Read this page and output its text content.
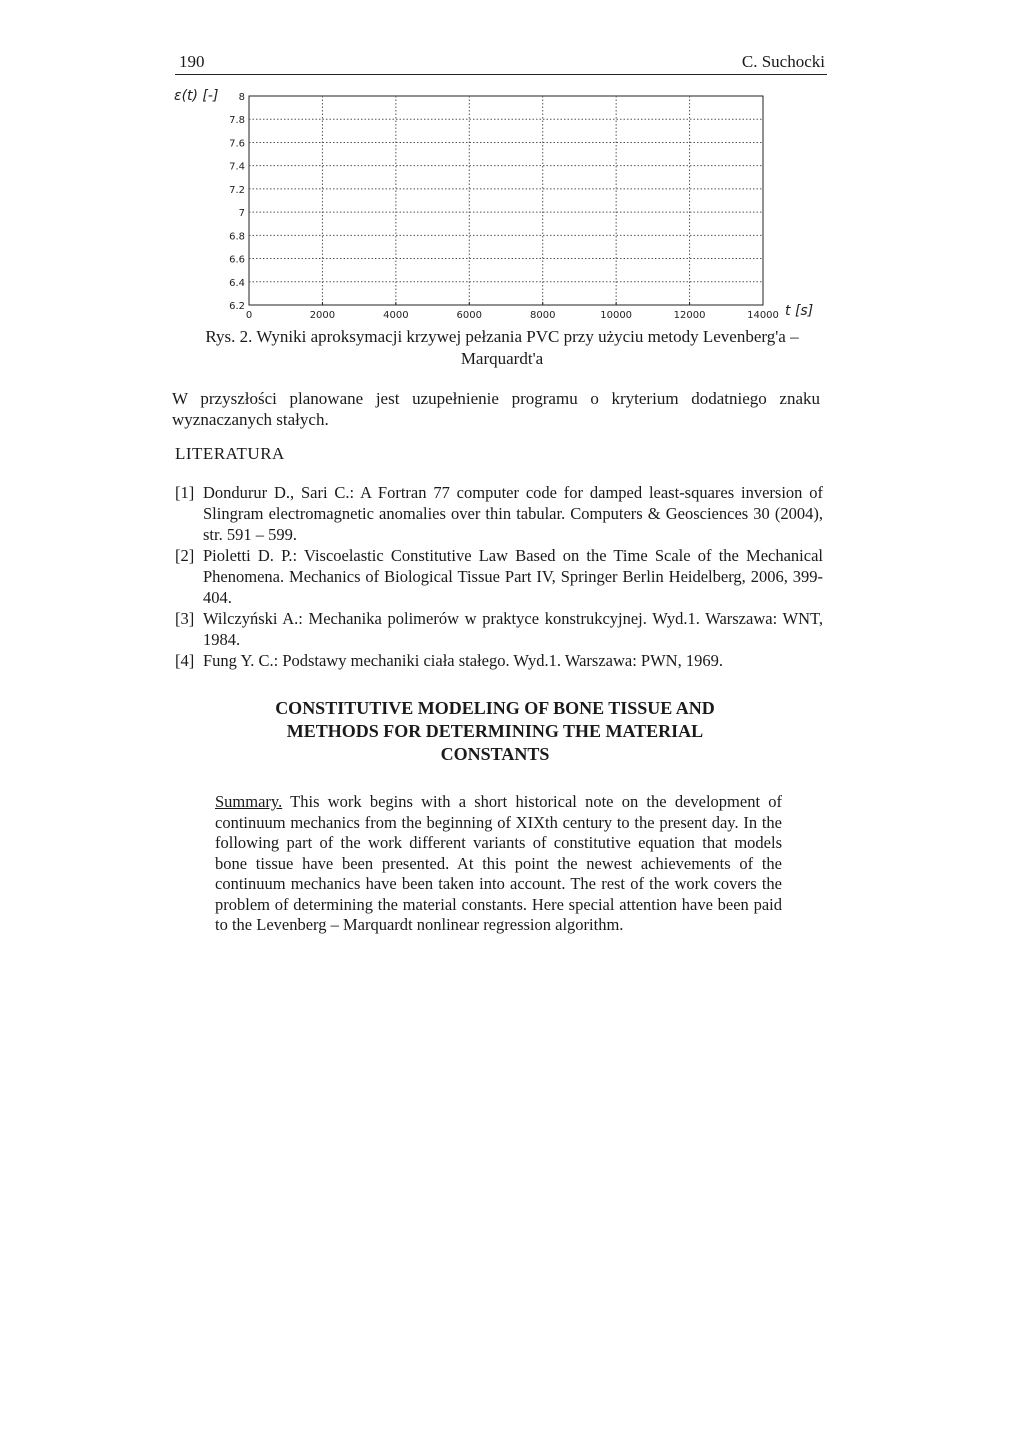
190	C. Suchocki
ε(t) [-]
t [s]
6.2
6.4
6.6
6.8
7
7.2
7.4
7.6
7.8
8
0	2000	4000	6000	8000	10000	12000	14000
Rys. 2. Wyniki aproksymacji krzywej pełzania PVC przy użyciu metody Levenberg'a –
Marquardt'a

W przyszłości planowane jest uzupełnienie programu o kryterium dodatniego znaku wyznaczanych stałych.

LITERATURA

[1] Dondurur D., Sari C.: A Fortran 77 computer code for damped least-squares inversion of Slingram electromagnetic anomalies over thin tabular. Computers & Geosciences 30 (2004), str. 591 – 599.

[2] Pioletti D. P.: Viscoelastic Constitutive Law Based on the Time Scale of the Mechanical Phenomena. Mechanics of Biological Tissue Part IV, Springer Berlin Heidelberg, 2006, 399-404.

[3] Wilczyński A.: Mechanika polimerów w praktyce konstrukcyjnej. Wyd.1. Warszawa: WNT, 1984.

[4] Fung Y. C.: Podstawy mechaniki ciała stałego. Wyd.1. Warszawa: PWN, 1969.

CONSTITUTIVE MODELING OF BONE TISSUE AND
METHODS FOR DETERMINING THE MATERIAL
CONSTANTS

Summary. This work begins with a short historical note on the development of continuum mechanics from the beginning of XIXth century to the present day. In the following part of the work different variants of constitutive equation that models bone tissue have been presented. At this point the newest achievements of the continuum mechanics have been taken into account. The rest of the work covers the problem of determining the material constants. Here special attention have been paid to the Levenberg – Marquardt nonlinear regression algorithm.
